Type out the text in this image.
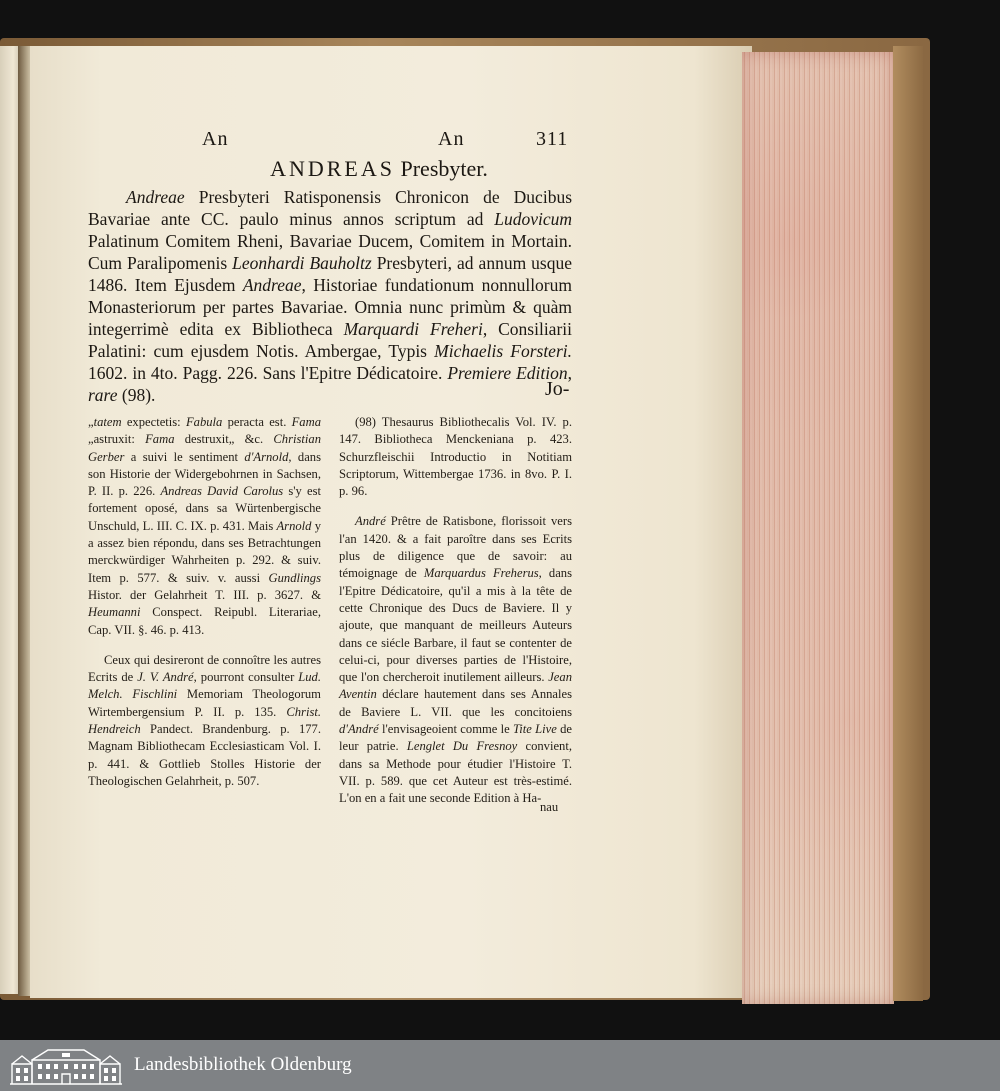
An	An	311
ANDREAS Presbyter.

Andreae Presbyteri Ratisponensis Chronicon de Ducibus Bavariae ante CC. paulo minus annos scriptum ad Ludovicum Palatinum Comitem Rheni, Bavariae Ducem, Comitem in Mortain. Cum Paralipomenis Leonhardi Bauholtz Presbyteri, ad annum usque 1486. Item Ejusdem Andreae, Historiae fundationum nonnullorum Monasteriorum per partes Bavariae. Omnia nunc primùm & quàm integerrimè edita ex Bibliotheca Marquardi Freheri, Consiliarii Palatini: cum ejusdem Notis. Ambergae, Typis Michaelis Forsteri. 1602. in 4to. Pagg. 226. Sans l'Epitre Dédicatoire. Premiere Edition, rare (98).	Jo-

„tatem expectetis: Fabula peracta est. Fama „astruxit: Fama destruxit„ &c. Christian Gerber a suivi le sentiment d'Arnold, dans son Historie der Widergebohrnen in Sachsen, P. II. p. 226. Andreas David Carolus s'y est fortement oposé, dans sa Würtenbergische Unschuld, L. III. C. IX. p. 431. Mais Arnold y a assez bien répondu, dans ses Betrachtungen merckwürdiger Wahrheiten p. 292. & suiv. Item p. 577. & suiv. v. aussi Gundlings Histor. der Gelahrheit T. III. p. 3627. & Heumanni Conspect. Reipubl. Literariae, Cap. VII. §. 46. p. 413.

Ceux qui desireront de connoître les autres Ecrits de J. V. André, pourront consulter Lud. Melch. Fischlini Memoriam Theologorum Wirtembergensium P. II. p. 135. Christ. Hendreich Pandect. Brandenburg. p. 177. Magnam Bibliothecam Ecclesiasticam Vol. I. p. 441. & Gottlieb Stolles Historie der Theologischen Gelahrheit, p. 507.

(98) Thesaurus Bibliothecalis Vol. IV. p. 147. Bibliotheca Menckeniana p. 423. Schurzfleischii Introductio in Notitiam Scriptorum, Wittembergae 1736. in 8vo. P. I. p. 96.

André Prêtre de Ratisbone, florissoit vers l'an 1420. & a fait paroître dans ses Ecrits plus de diligence que de savoir: au témoignage de Marquardus Freherus, dans l'Epitre Dédicatoire, qu'il a mis à la tête de cette Chronique des Ducs de Baviere. Il y ajoute, que manquant de meilleurs Auteurs dans ce siécle Barbare, il faut se contenter de celui-ci, pour diverses parties de l'Histoire, que l'on chercheroit inutilement ailleurs. Jean Aventin déclare hautement dans ses Annales de Baviere L. VII. que les concitoiens d'André l'envisageoient comme le Tite Live de leur patrie. Lenglet Du Fresnoy convient, dans sa Methode pour étudier l'Histoire T. VII. p. 589. que cet Auteur est très-estimé. L'on en a fait une seconde Edition à Ha-

nau
Landesbibliothek Oldenburg
